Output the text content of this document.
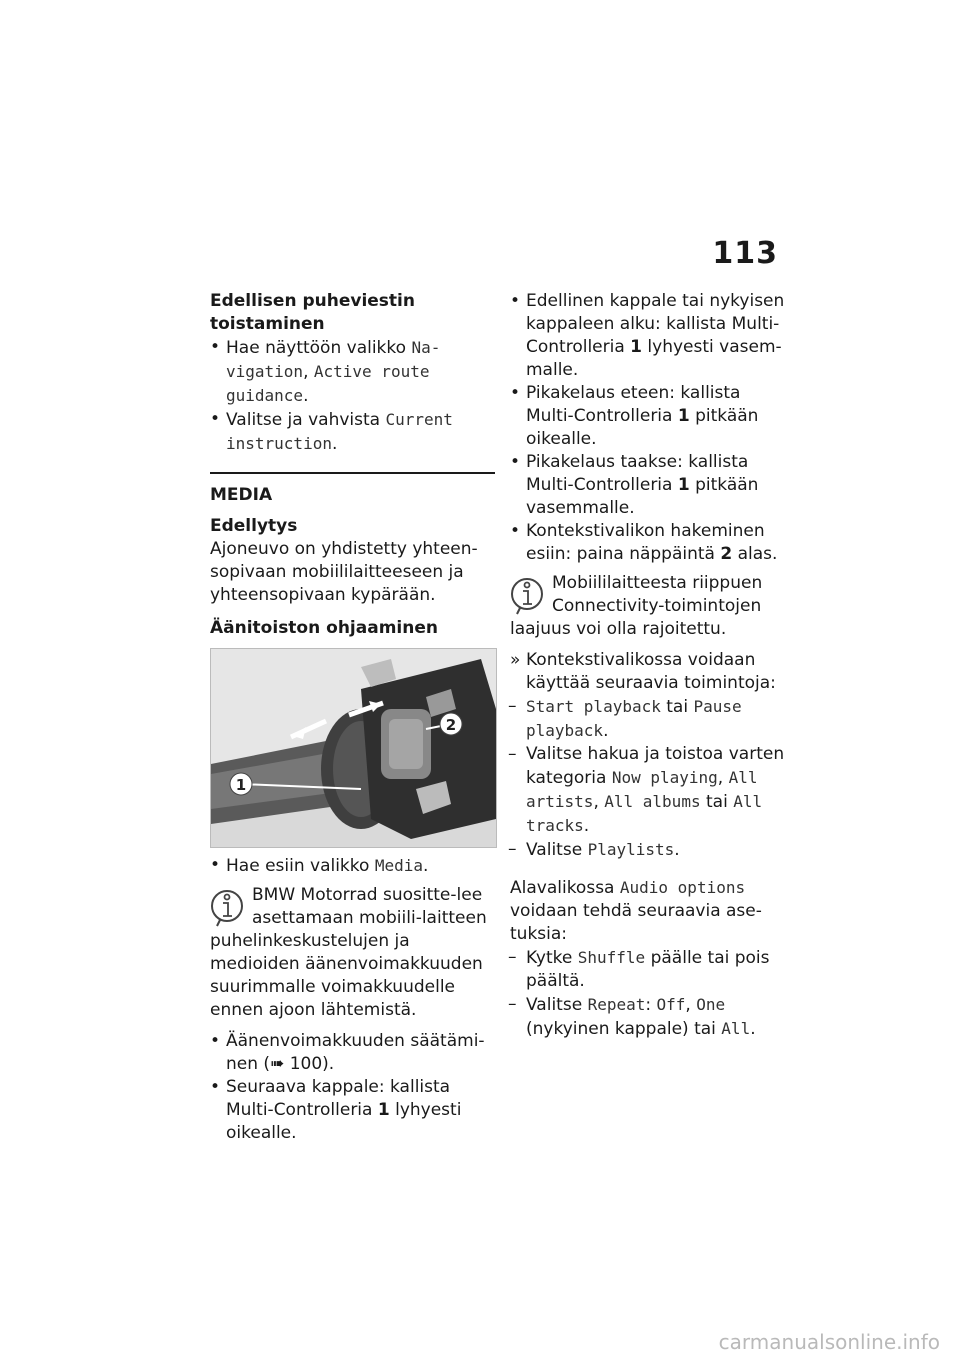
113

Edellisen puheviestin toistaminen

• Hae näyttöön valikko Na-vigation, Active route guidance.
• Valitse ja vahvista Current instruction.
MEDIA

Edellytys

Ajoneuvo on yhdistetty yhteen-sopivaan mobiililaitteeseen ja yhteensopivaan kypärään.

Äänitoiston ohjaaminen

1
2
• Hae esiin valikko Media.

BMW Motorrad suositte-lee asettamaan mobiili-laitteen puhelinkeskustelujen ja medioiden äänenvoimakkuuden suurimmalle voimakkuudelle ennen ajoon lähtemistä.

• Äänenvoimakkuuden säätämi-nen (➠ 100).
• Seuraava kappale: kallista Multi-Controlleria 1 lyhyesti oikealle.
• Edellinen kappale tai nykyisen kappaleen alku: kallista Multi-Controlleria 1 lyhyesti vasem-malle.
• Pikakelaus eteen: kallista Multi-Controlleria 1 pitkään oikealle.
• Pikakelaus taakse: kallista Multi-Controlleria 1 pitkään vasemmalle.
• Kontekstivalikon hakeminen esiin: paina näppäintä 2 alas.

Mobiililaitteesta riippuen Connectivity-toimintojen laajuus voi olla rajoitettu.

» Kontekstivalikossa voidaan käyttää seuraavia toimintoja:
– Start playback tai Pause playback.
– Valitse hakua ja toistoa varten kategoria Now playing, All artists, All albums tai All tracks.
– Valitse Playlists.

Alavalikossa Audio options voidaan tehdä seuraavia ase-tuksia:

– Kytke Shuffle päälle tai pois päältä.
– Valitse Repeat: Off, One (nykyinen kappale) tai All.
carmanualsonline.info
